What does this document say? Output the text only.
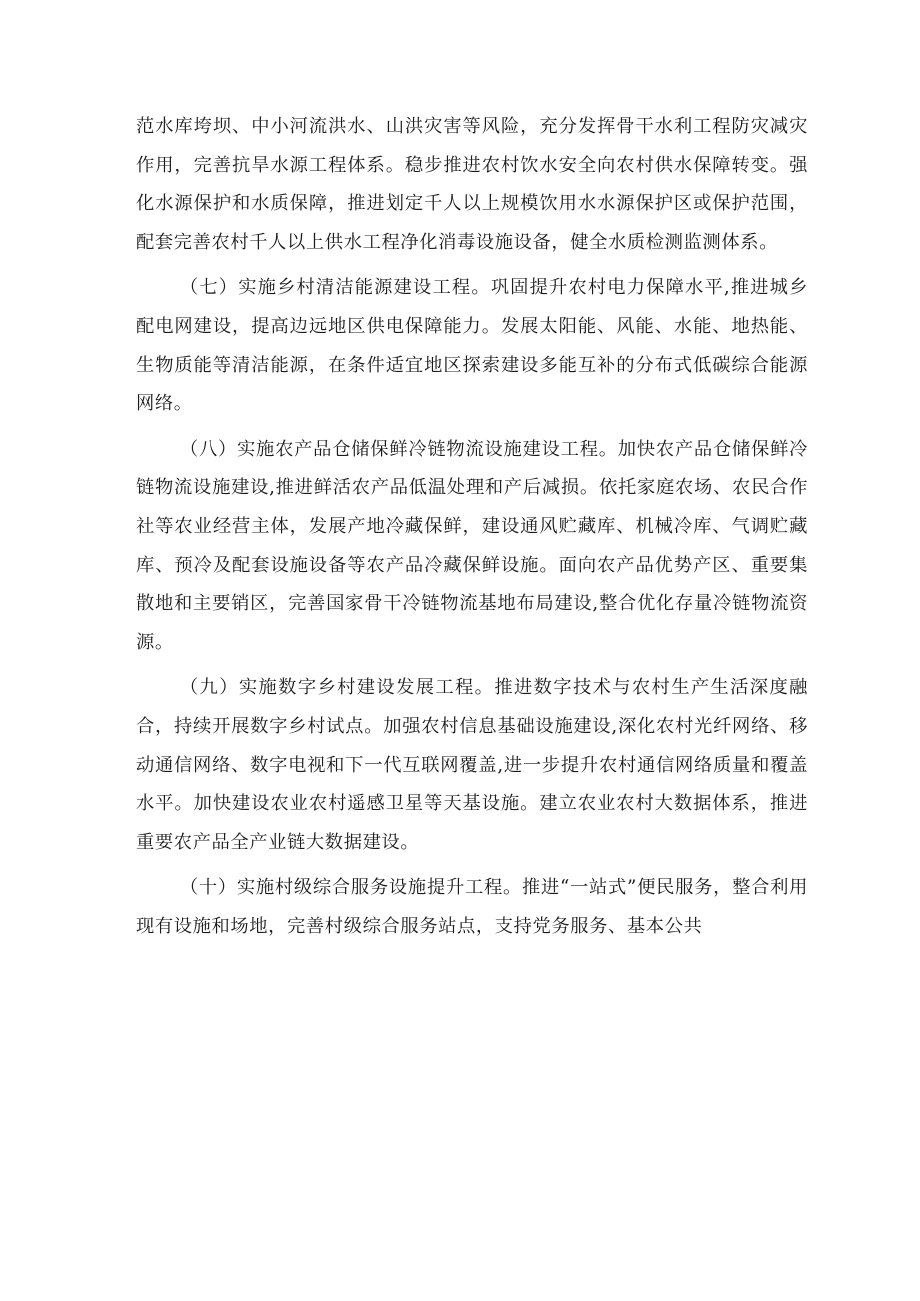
范水库垮坝、中小河流洪水、山洪灾害等风险，充分发挥骨干水利工程防灾减灾作用，完善抗旱水源工程体系。稳步推进农村饮水安全向农村供水保障转变。强化水源保护和水质保障，推进划定千人以上规模饮用水水源保护区或保护范围，配套完善农村千人以上供水工程净化消毒设施设备，健全水质检测监测体系。

（七）实施乡村清洁能源建设工程。巩固提升农村电力保障水平,推进城乡配电网建设，提高边远地区供电保障能力。发展太阳能、风能、水能、地热能、生物质能等清洁能源，在条件适宜地区探索建设多能互补的分布式低碳综合能源网络。

（八）实施农产品仓储保鲜冷链物流设施建设工程。加快农产品仓储保鲜冷链物流设施建设,推进鲜活农产品低温处理和产后减损。依托家庭农场、农民合作社等农业经营主体，发展产地冷藏保鲜，建设通风贮藏库、机械冷库、气调贮藏库、预冷及配套设施设备等农产品冷藏保鲜设施。面向农产品优势产区、重要集散地和主要销区，完善国家骨干冷链物流基地布局建设,整合优化存量冷链物流资源。

（九）实施数字乡村建设发展工程。推进数字技术与农村生产生活深度融合，持续开展数字乡村试点。加强农村信息基础设施建设,深化农村光纤网络、移动通信网络、数字电视和下一代互联网覆盖,进一步提升农村通信网络质量和覆盖水平。加快建设农业农村遥感卫星等天基设施。建立农业农村大数据体系，推进重要农产品全产业链大数据建设。

（十）实施村级综合服务设施提升工程。推进“一站式”便民服务，整合利用现有设施和场地，完善村级综合服务站点，支持党务服务、基本公共
